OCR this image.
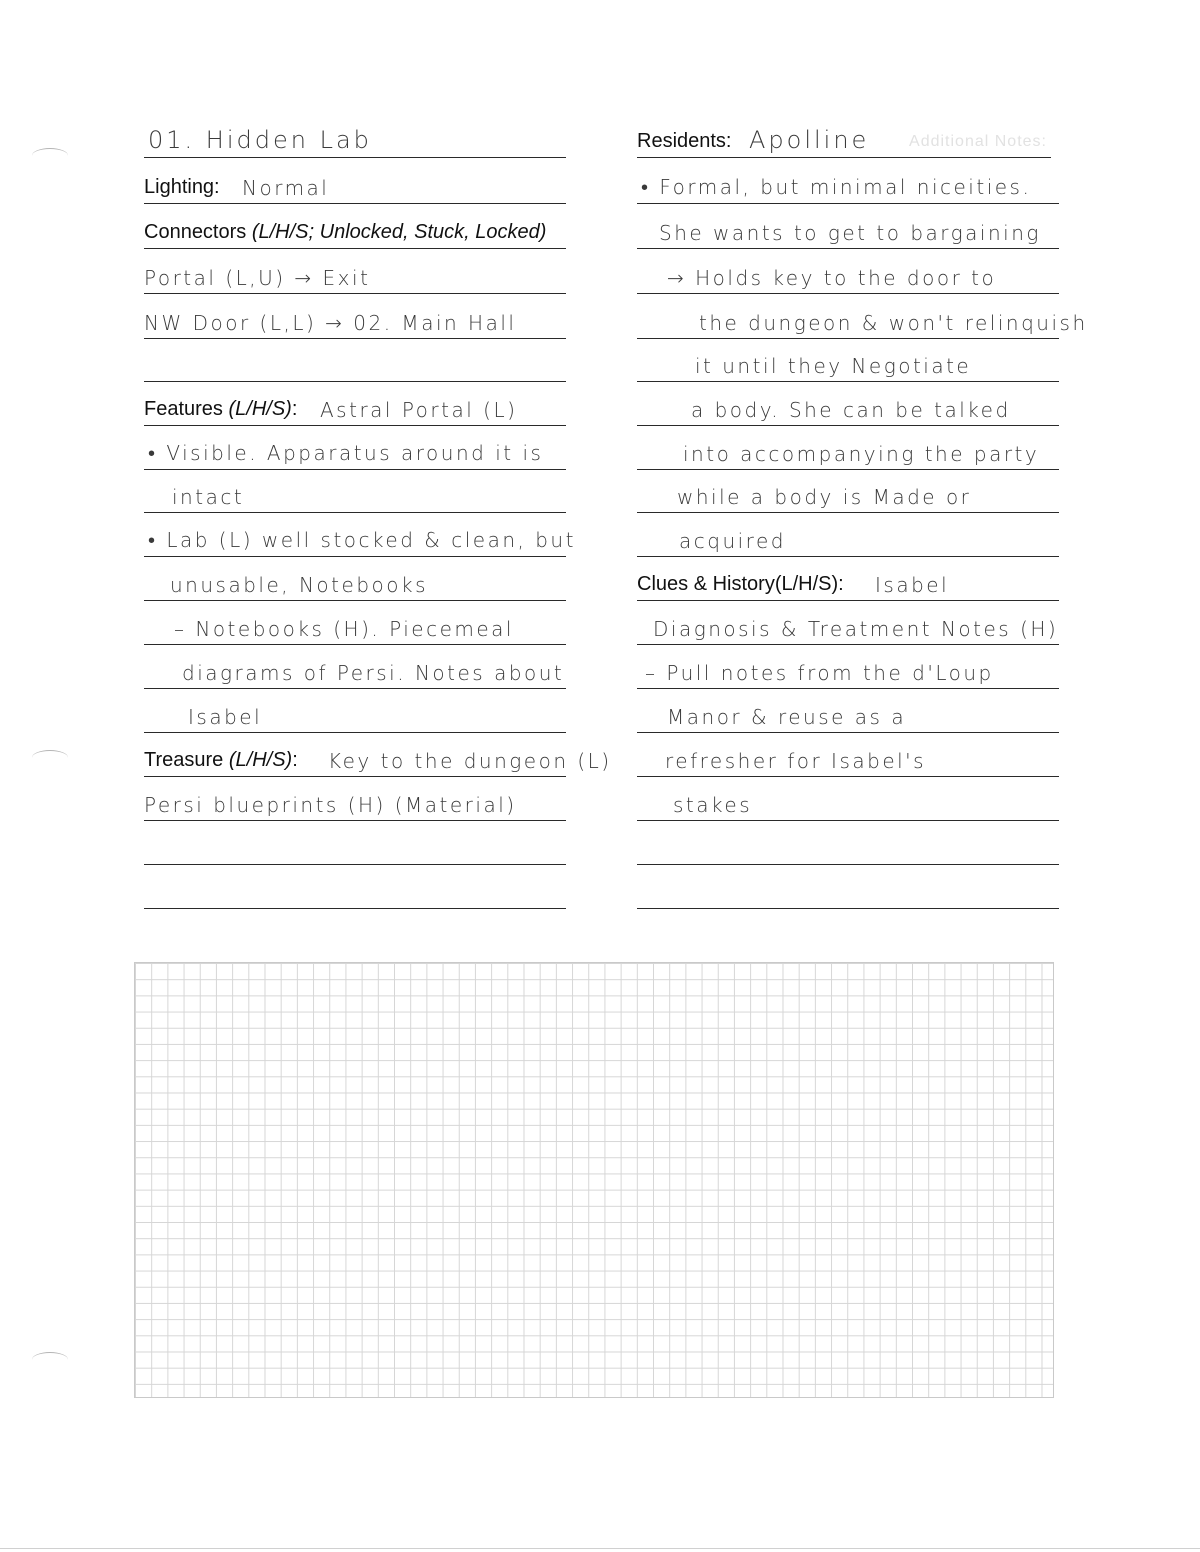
01. Hidden Lab
Lighting: Normal
Connectors (L/H/S; Unlocked, Stuck, Locked)
Portal (L,U) → Exit
NW Door (L,L) → 02. Main Hall
Features (L/H/S): Astral Portal (L)
• Visible. Apparatus around it is
intact
• Lab (L) well stocked & clean, but
unusable, Notebooks
– Notebooks (H). Piecemeal
diagrams of Persi. Notes about
Isabel
Treasure (L/H/S): Key to the dungeon (L)
Persi blueprints (H) (Material)
Residents: Apolline Additional Notes:
• Formal, but minimal niceities.
She wants to get to bargaining
→ Holds key to the door to
the dungeon & won't relinquish
it until they Negotiate
a body. She can be talked
into accompanying the party
while a body is Made or
acquired
Clues & History(L/H/S): Isabel
Diagnosis & Treatment Notes (H)
– Pull notes from the d'Loup
Manor & reuse as a
refresher for Isabel's
stakes
